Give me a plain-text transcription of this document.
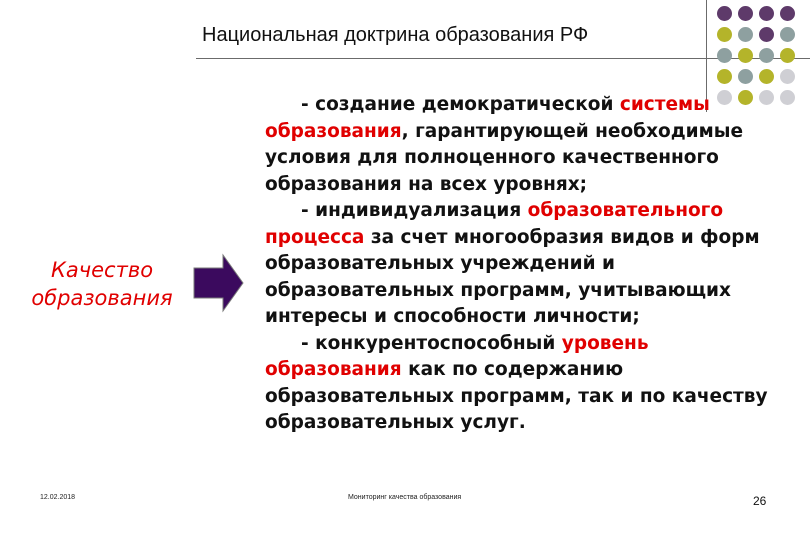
Национальная доктрина образования РФ
Качество
образования

- создание демократической системы образования, гарантирующей необходимые условия для полноценного качественного образования на всех уровнях;

- индивидуализация образовательного процесса за счет многообразия видов и форм образовательных учреждений и образовательных программ, учитывающих интересы и способности личности;

- конкурентоспособный уровень образования как по содержанию образовательных программ, так и по качеству образовательных услуг.

12.02.2018	Мониторинг качества образования	26
